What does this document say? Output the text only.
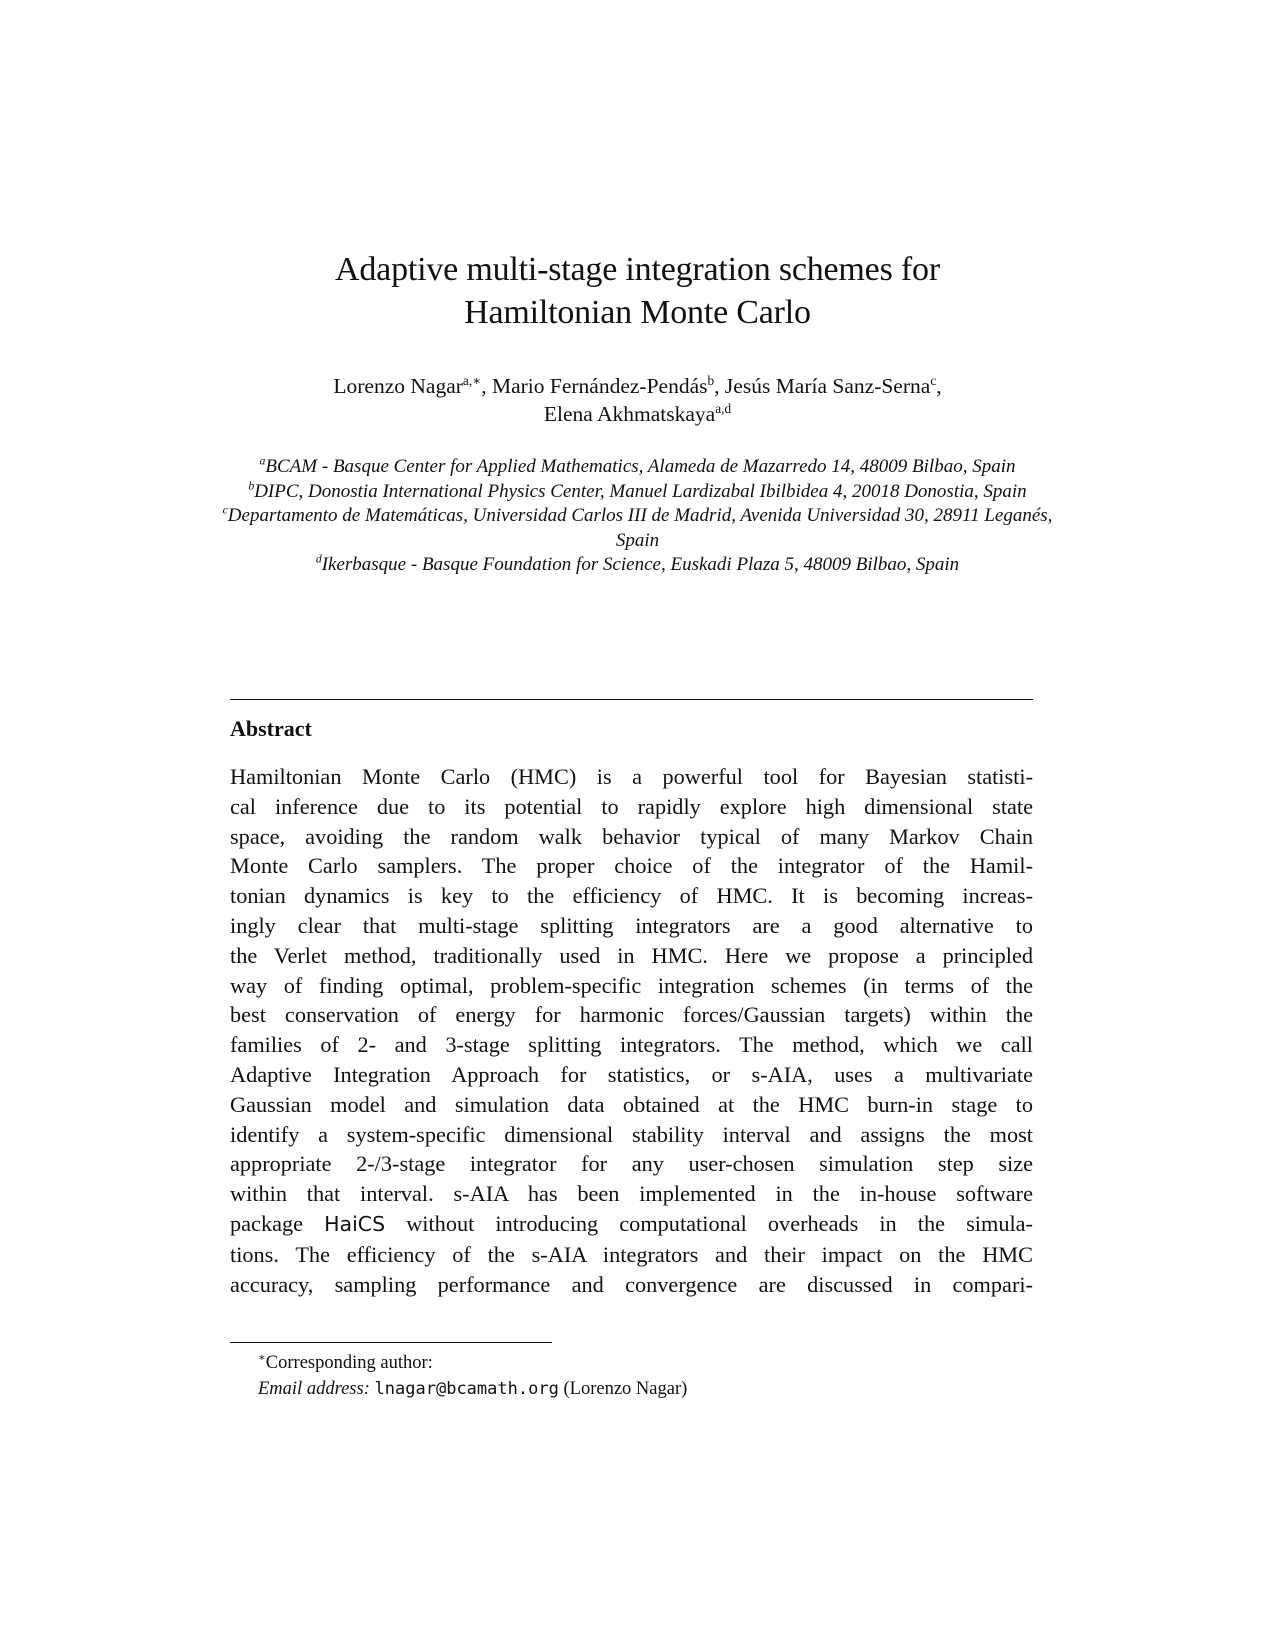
Adaptive multi-stage integration schemes for
Hamiltonian Monte Carlo
Lorenzo Nagar$^{a,∗}$, Mario Fernández-Pendás$^b$, Jesús María Sanz-Serna$^c$,
Elena Akhmatskaya$^{a,d}$
$^a$BCAM - Basque Center for Applied Mathematics, Alameda de Mazarredo 14, 48009 Bilbao, Spain
$^b$DIPC, Donostia International Physics Center, Manuel Lardizabal Ibilbidea 4, 20018 Donostia, Spain
$^c$Departamento de Matemáticas, Universidad Carlos III de Madrid, Avenida Universidad 30, 28911 Leganés, Spain
$^d$Ikerbasque - Basque Foundation for Science, Euskadi Plaza 5, 48009 Bilbao, Spain
Abstract
Hamiltonian Monte Carlo (HMC) is a powerful tool for Bayesian statisti-
cal inference due to its potential to rapidly explore high dimensional state
space, avoiding the random walk behavior typical of many Markov Chain
Monte Carlo samplers. The proper choice of the integrator of the Hamil-
tonian dynamics is key to the efficiency of HMC. It is becoming increas-
ingly clear that multi-stage splitting integrators are a good alternative to
the Verlet method, traditionally used in HMC. Here we propose a principled
way of finding optimal, problem-specific integration schemes (in terms of the
best conservation of energy for harmonic forces/Gaussian targets) within the
families of 2- and 3-stage splitting integrators. The method, which we call
Adaptive Integration Approach for statistics, or s-AIA, uses a multivariate
Gaussian model and simulation data obtained at the HMC burn-in stage to
identify a system-specific dimensional stability interval and assigns the most
appropriate 2-/3-stage integrator for any user-chosen simulation step size
within that interval. s-AIA has been implemented in the in-house software
package HaiCS without introducing computational overheads in the simula-
tions. The efficiency of the s-AIA integrators and their impact on the HMC
accuracy, sampling performance and convergence are discussed in compari-
∗Corresponding author:
Email address: lnagar@bcamath.org (Lorenzo Nagar)
